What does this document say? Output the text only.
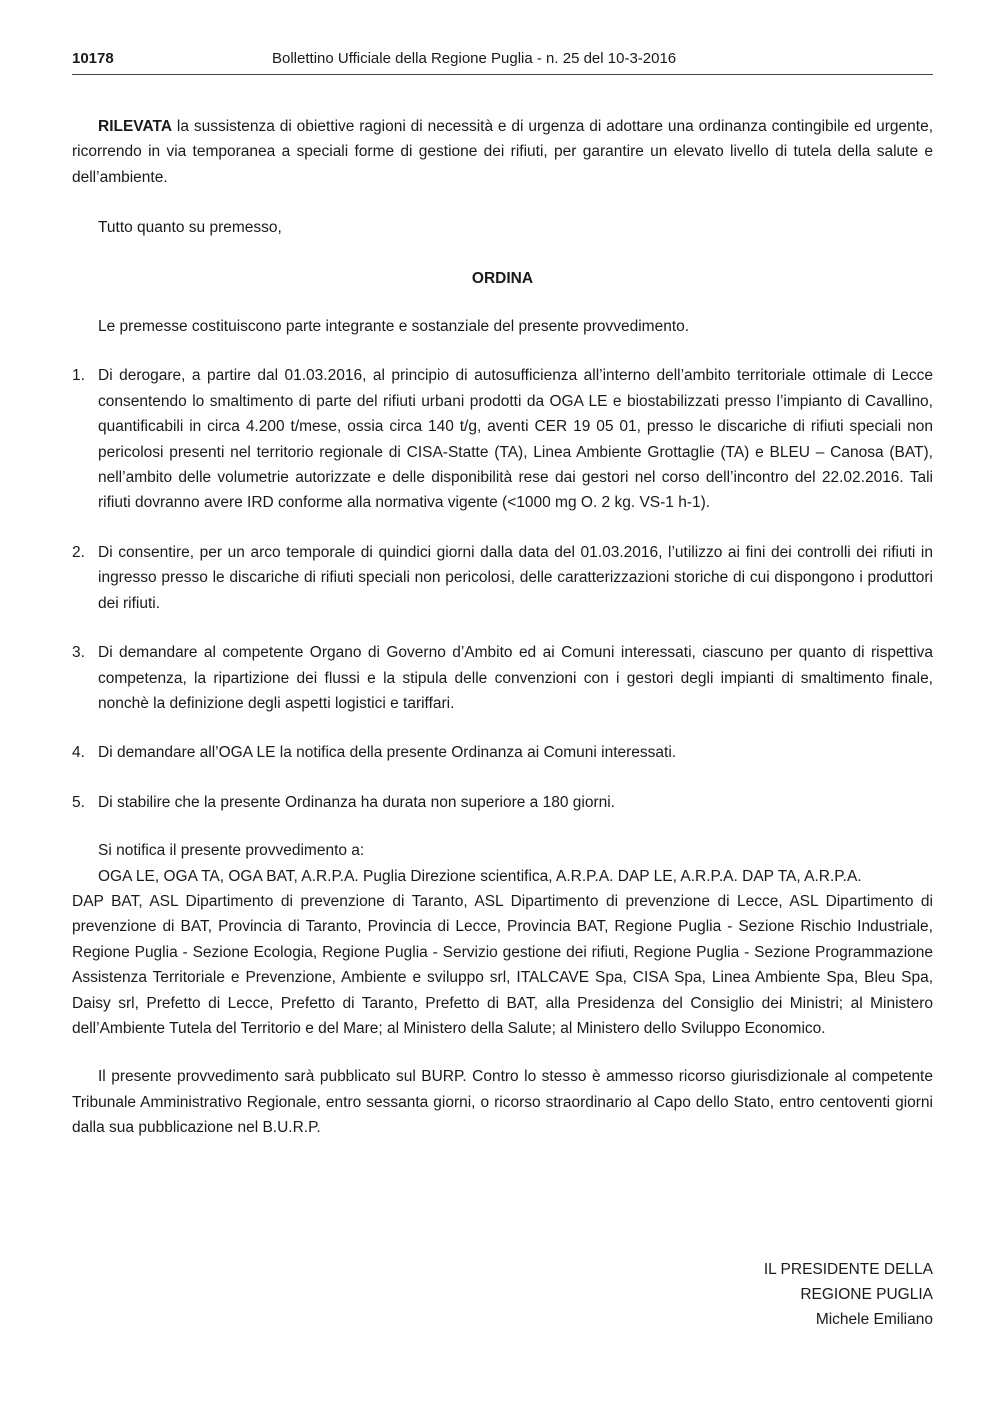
10178	Bollettino Ufficiale della Regione Puglia - n. 25 del 10-3-2016

RILEVATA la sussistenza di obiettive ragioni di necessità e di urgenza di adottare una ordinanza contingibile ed urgente, ricorrendo in via temporanea a speciali forme di gestione dei rifiuti, per garantire un elevato livello di tutela della salute e dell’ambiente.

Tutto quanto su premesso,

ORDINA

Le premesse costituiscono parte integrante e sostanziale del presente provvedimento.

1. Di derogare, a partire dal 01.03.2016, al principio di autosufficienza all’interno dell’ambito territoriale ottimale di Lecce consentendo lo smaltimento di parte del rifiuti urbani prodotti da OGA LE e biostabilizzati presso l’impianto di Cavallino, quantificabili in circa 4.200 t/mese, ossia circa 140 t/g, aventi CER 19 05 01, presso le discariche di rifiuti speciali non pericolosi presenti nel territorio regionale di CISA-Statte (TA), Linea Ambiente Grottaglie (TA) e BLEU – Canosa (BAT), nell’ambito delle volumetrie autorizzate e delle disponibilità rese dai gestori nel corso dell’incontro del 22.02.2016. Tali rifiuti dovranno avere IRD conforme alla normativa vigente (<1000 mg O. 2 kg. VS-1 h-1).
2. Di consentire, per un arco temporale di quindici giorni dalla data del 01.03.2016, l’utilizzo ai fini dei controlli dei rifiuti in ingresso presso le discariche di rifiuti speciali non pericolosi, delle caratterizzazioni storiche di cui dispongono i produttori dei rifiuti.
3. Di demandare al competente Organo di Governo d’Ambito ed ai Comuni interessati, ciascuno per quanto di rispettiva competenza, la ripartizione dei flussi e la stipula delle convenzioni con i gestori degli impianti di smaltimento finale, nonchè la definizione degli aspetti logistici e tariffari.
4. Di demandare all’OGA LE la notifica della presente Ordinanza ai Comuni interessati.
5. Di stabilire che la presente Ordinanza ha durata non superiore a 180 giorni.

Si notifica il presente provvedimento a:

OGA LE, OGA TA, OGA BAT, A.R.P.A. Puglia Direzione scientifica, A.R.P.A. DAP LE, A.R.P.A. DAP TA, A.R.P.A.

DAP BAT, ASL Dipartimento di prevenzione di Taranto, ASL Dipartimento di prevenzione di Lecce, ASL Dipartimento di prevenzione di BAT, Provincia di Taranto, Provincia di Lecce, Provincia BAT, Regione Puglia - Sezione Rischio Industriale, Regione Puglia - Sezione Ecologia, Regione Puglia - Servizio gestione dei rifiuti, Regione Puglia - Sezione Programmazione Assistenza Territoriale e Prevenzione, Ambiente e sviluppo srl, ITALCAVE Spa, CISA Spa, Linea Ambiente Spa, Bleu Spa, Daisy srl, Prefetto di Lecce, Prefetto di Taranto, Prefetto di BAT, alla Presidenza del Consiglio dei Ministri; al Ministero dell’Ambiente Tutela del Territorio e del Mare; al Ministero della Salute; al Ministero dello Sviluppo Economico.

Il presente provvedimento sarà pubblicato sul BURP. Contro lo stesso è ammesso ricorso giurisdizionale al competente Tribunale Amministrativo Regionale, entro sessanta giorni, o ricorso straordinario al Capo dello Stato, entro centoventi giorni dalla sua pubblicazione nel B.U.R.P.

IL PRESIDENTE DELLA
REGIONE PUGLIA
Michele Emiliano
